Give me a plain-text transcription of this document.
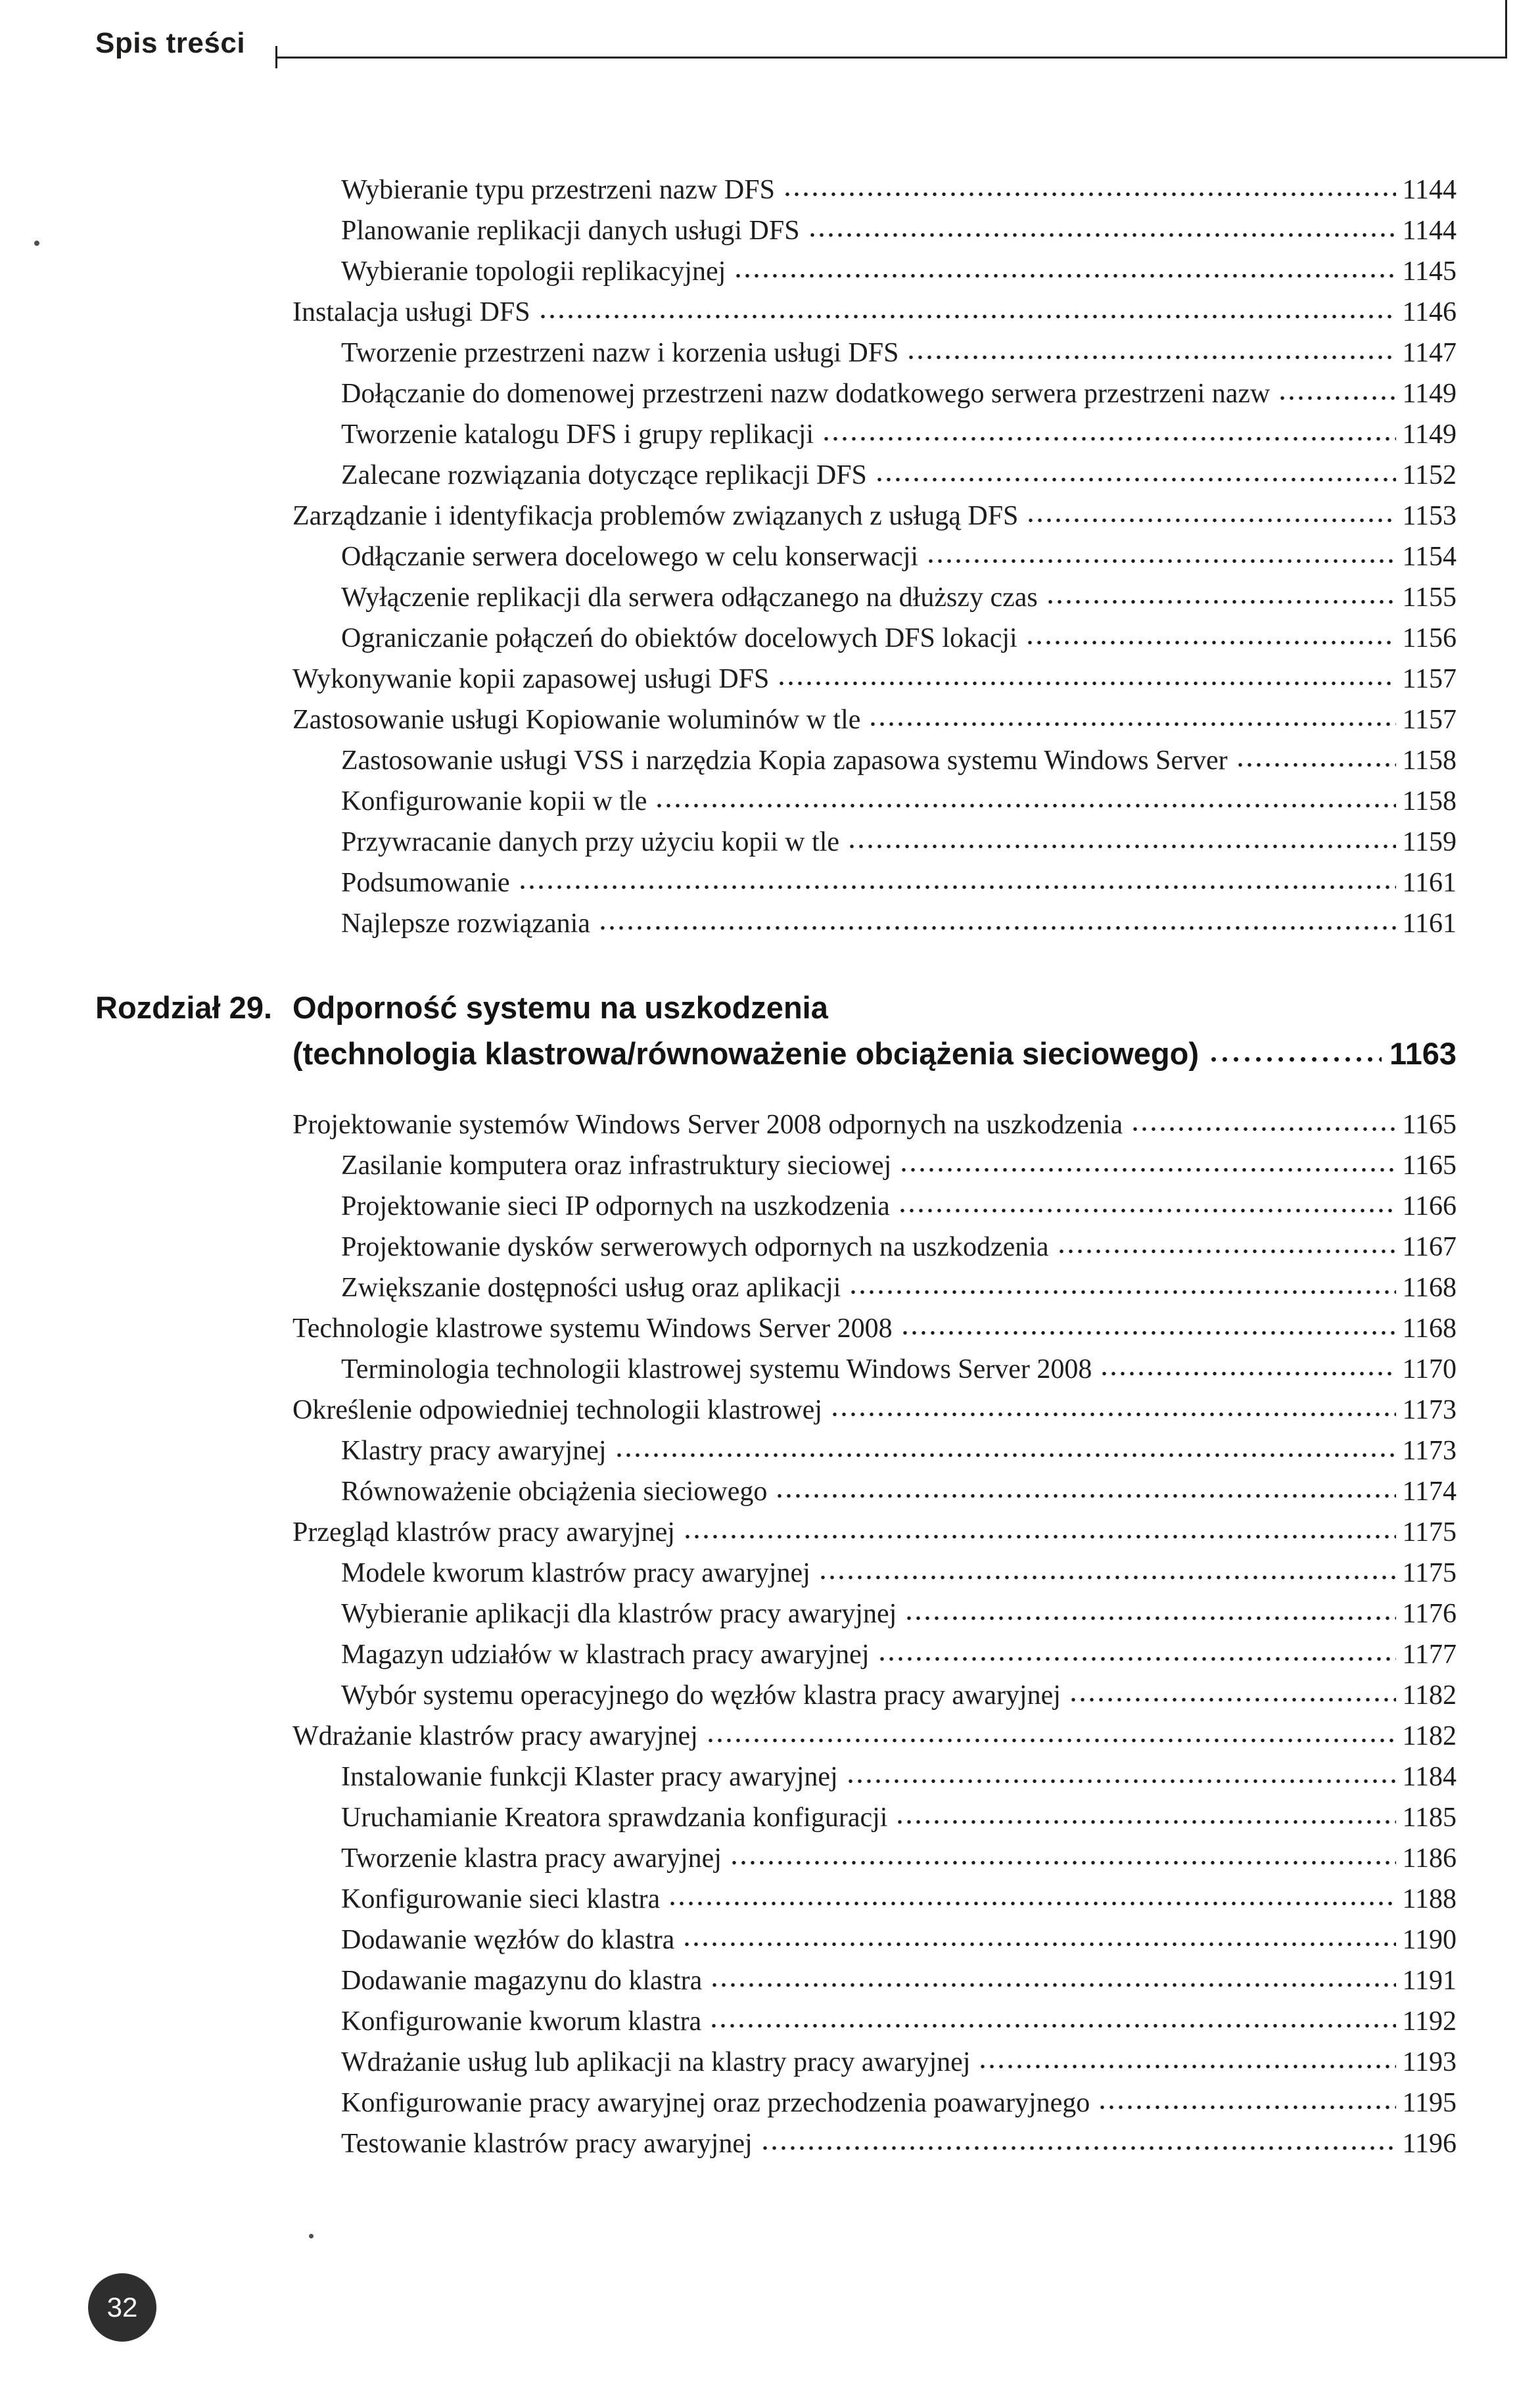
Spis treści
Wybieranie typu przestrzeni nazw DFS	1144
Planowanie replikacji danych usługi DFS	1144
Wybieranie topologii replikacyjnej	1145
Instalacja usługi DFS	1146
Tworzenie przestrzeni nazw i korzenia usługi DFS	1147
Dołączanie do domenowej przestrzeni nazw dodatkowego serwera przestrzeni nazw	1149
Tworzenie katalogu DFS i grupy replikacji	1149
Zalecane rozwiązania dotyczące replikacji DFS	1152
Zarządzanie i identyfikacja problemów związanych z usługą DFS	1153
Odłączanie serwera docelowego w celu konserwacji	1154
Wyłączenie replikacji dla serwera odłączanego na dłuższy czas	1155
Ograniczanie połączeń do obiektów docelowych DFS lokacji	1156
Wykonywanie kopii zapasowej usługi DFS	1157
Zastosowanie usługi Kopiowanie woluminów w tle	1157
Zastosowanie usługi VSS i narzędzia Kopia zapasowa systemu Windows Server	1158
Konfigurowanie kopii w tle	1158
Przywracanie danych przy użyciu kopii w tle	1159
Podsumowanie	1161
Najlepsze rozwiązania	1161
Rozdział 29. Odporność systemu na uszkodzenia
(technologia klastrowa/równoważenie obciążenia sieciowego)	1163
Projektowanie systemów Windows Server 2008 odpornych na uszkodzenia	1165
Zasilanie komputera oraz infrastruktury sieciowej	1165
Projektowanie sieci IP odpornych na uszkodzenia	1166
Projektowanie dysków serwerowych odpornych na uszkodzenia	1167
Zwiększanie dostępności usług oraz aplikacji	1168
Technologie klastrowe systemu Windows Server 2008	1168
Terminologia technologii klastrowej systemu Windows Server 2008	1170
Określenie odpowiedniej technologii klastrowej	1173
Klastry pracy awaryjnej	1173
Równoważenie obciążenia sieciowego	1174
Przegląd klastrów pracy awaryjnej	1175
Modele kworum klastrów pracy awaryjnej	1175
Wybieranie aplikacji dla klastrów pracy awaryjnej	1176
Magazyn udziałów w klastrach pracy awaryjnej	1177
Wybór systemu operacyjnego do węzłów klastra pracy awaryjnej	1182
Wdrażanie klastrów pracy awaryjnej	1182
Instalowanie funkcji Klaster pracy awaryjnej	1184
Uruchamianie Kreatora sprawdzania konfiguracji	1185
Tworzenie klastra pracy awaryjnej	1186
Konfigurowanie sieci klastra	1188
Dodawanie węzłów do klastra	1190
Dodawanie magazynu do klastra	1191
Konfigurowanie kworum klastra	1192
Wdrażanie usług lub aplikacji na klastry pracy awaryjnej	1193
Konfigurowanie pracy awaryjnej oraz przechodzenia poawaryjnego	1195
Testowanie klastrów pracy awaryjnej	1196
32
